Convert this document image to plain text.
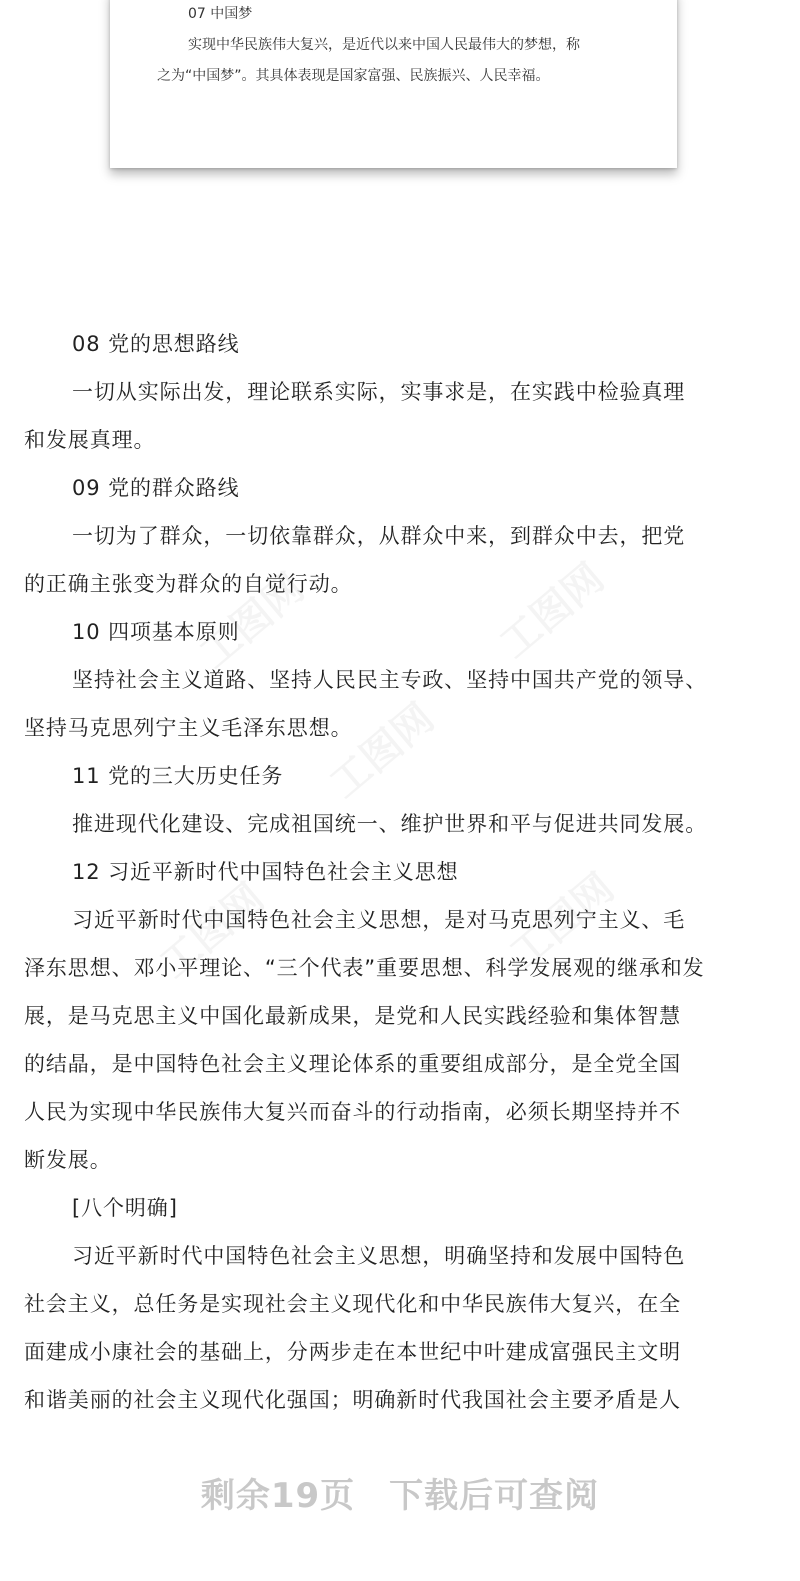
07 中国梦
实现中华民族伟大复兴，是近代以来中国人民最伟大的梦想，称
之为“中国梦”。其具体表现是国家富强、民族振兴、人民幸福。
08 党的思想路线
一切从实际出发，理论联系实际，实事求是，在实践中检验真理
和发展真理。
09 党的群众路线
一切为了群众，一切依靠群众，从群众中来，到群众中去，把党
的正确主张变为群众的自觉行动。
10 四项基本原则
坚持社会主义道路、坚持人民民主专政、坚持中国共产党的领导、
坚持马克思列宁主义毛泽东思想。
11 党的三大历史任务
推进现代化建设、完成祖国统一、维护世界和平与促进共同发展。
12 习近平新时代中国特色社会主义思想
习近平新时代中国特色社会主义思想，是对马克思列宁主义、毛
泽东思想、邓小平理论、“三个代表”重要思想、科学发展观的继承和发
展，是马克思主义中国化最新成果，是党和人民实践经验和集体智慧
的结晶，是中国特色社会主义理论体系的重要组成部分，是全党全国
人民为实现中华民族伟大复兴而奋斗的行动指南，必须长期坚持并不
断发展。
[八个明确]
习近平新时代中国特色社会主义思想，明确坚持和发展中国特色
社会主义，总任务是实现社会主义现代化和中华民族伟大复兴，在全
面建成小康社会的基础上，分两步走在本世纪中叶建成富强民主文明
和谐美丽的社会主义现代化强国；明确新时代我国社会主要矛盾是人
剩余19页 下载后可查阅
